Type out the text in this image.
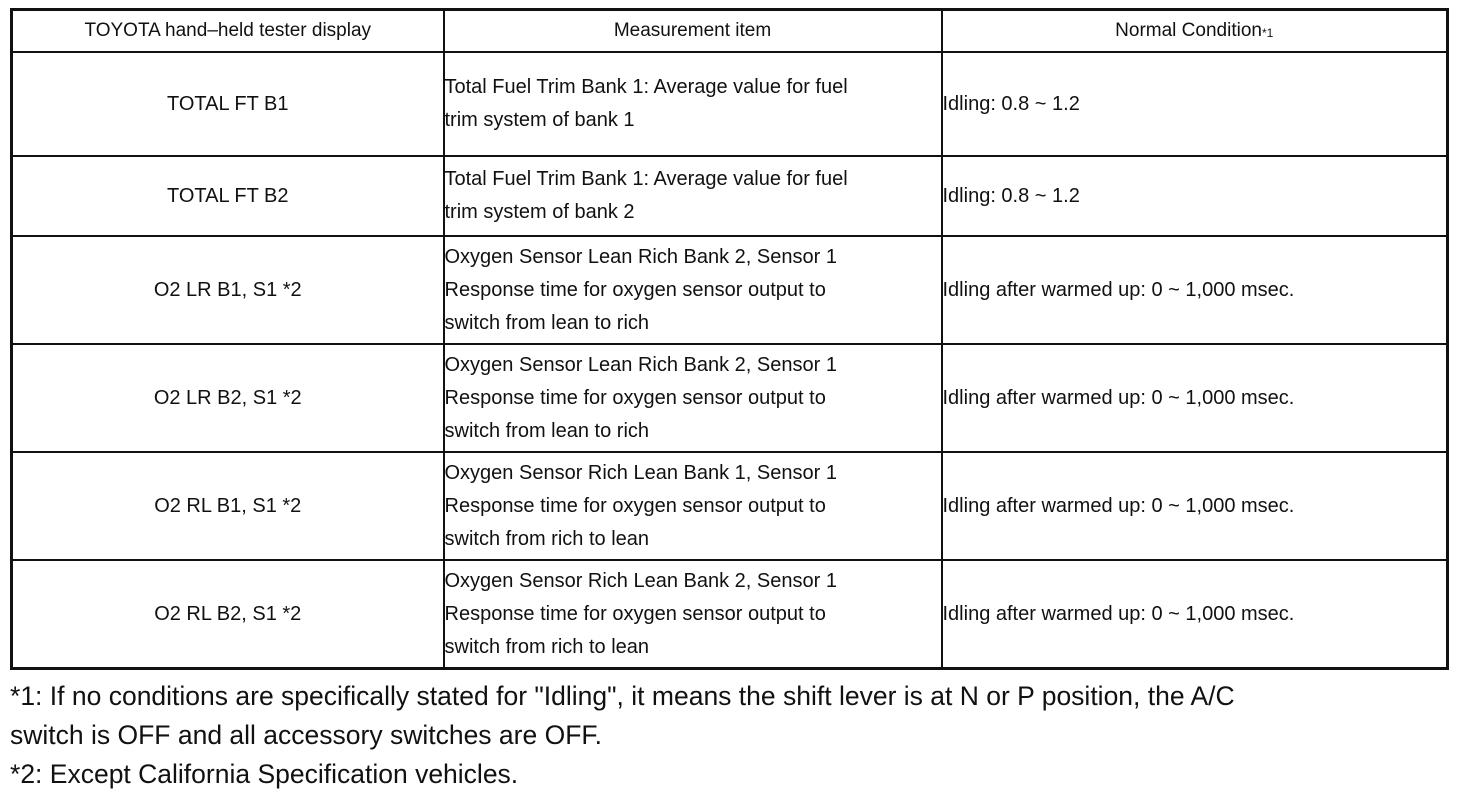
TOYOTA hand–held tester display	Measurement item	Normal Condition$^{*1}$
TOTAL FT B1	Total Fuel Trim Bank 1: Average value for fuel
trim system of bank 1	Idling: 0.8 ~ 1.2
TOTAL FT B2	Total Fuel Trim Bank 1: Average value for fuel
trim system of bank 2	Idling: 0.8 ~ 1.2
O2 LR B1, S1 *2	Oxygen Sensor Lean Rich Bank 2, Sensor 1
Response time for oxygen sensor output to
switch from lean to rich	Idling after warmed up: 0 ~ 1,000 msec.
O2 LR B2, S1 *2	Oxygen Sensor Lean Rich Bank 2, Sensor 1
Response time for oxygen sensor output to
switch from lean to rich	Idling after warmed up: 0 ~ 1,000 msec.
O2 RL B1, S1 *2	Oxygen Sensor Rich Lean Bank 1, Sensor 1
Response time for oxygen sensor output to
switch from rich to lean	Idling after warmed up: 0 ~ 1,000 msec.
O2 RL B2, S1 *2	Oxygen Sensor Rich Lean Bank 2, Sensor 1
Response time for oxygen sensor output to
switch from rich to lean	Idling after warmed up: 0 ~ 1,000 msec.
*1: If no conditions are specifically stated for "Idling", it means the shift lever is at N or P position, the A/C
switch is OFF and all accessory switches are OFF.
*2: Except California Specification vehicles.
